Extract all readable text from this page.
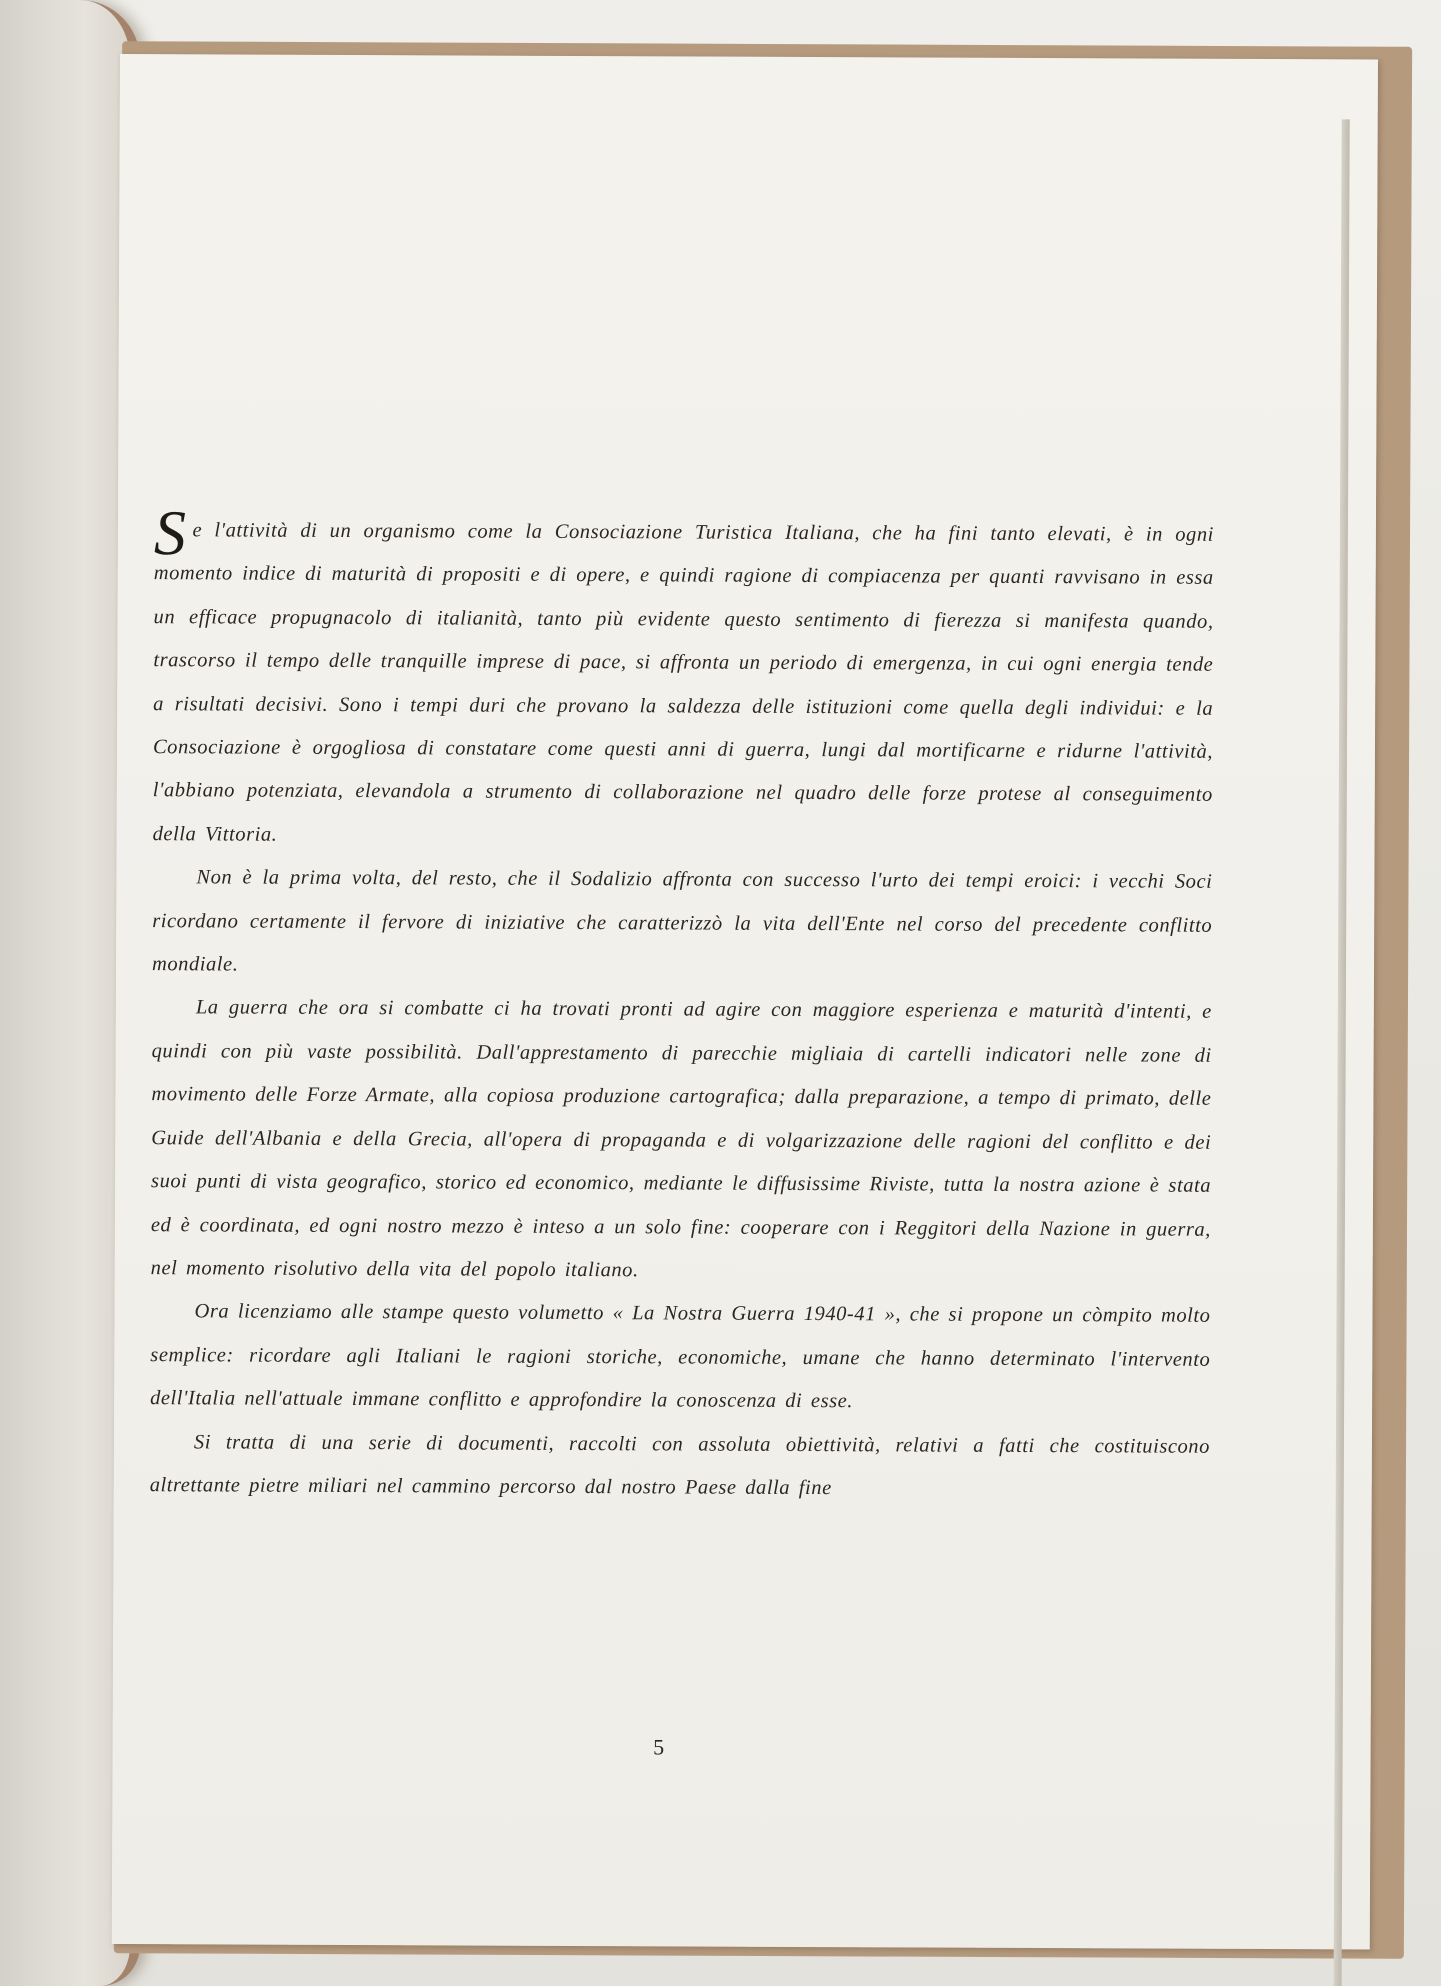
Se l'attività di un organismo come la Consociazione Turistica Italiana, che ha fini tanto elevati, è in ogni momento indice di maturità di propositi e di opere, e quindi ragione di compiacenza per quanti ravvisano in essa un efficace propugnacolo di italianità, tanto più evidente questo sentimento di fierezza si manifesta quando, trascorso il tempo delle tranquille imprese di pace, si affronta un periodo di emergenza, in cui ogni energia tende a risultati decisivi. Sono i tempi duri che provano la saldezza delle istituzioni come quella degli individui: e la Consociazione è orgogliosa di constatare come questi anni di guerra, lungi dal mortificarne e ridurne l'attività, l'abbiano potenziata, elevandola a strumento di collaborazione nel quadro delle forze protese al conseguimento della Vittoria.

Non è la prima volta, del resto, che il Sodalizio affronta con successo l'urto dei tempi eroici: i vecchi Soci ricordano certamente il fervore di iniziative che caratterizzò la vita dell'Ente nel corso del precedente conflitto mondiale.

La guerra che ora si combatte ci ha trovati pronti ad agire con maggiore esperienza e maturità d'intenti, e quindi con più vaste possibilità. Dall'apprestamento di parecchie migliaia di cartelli indicatori nelle zone di movimento delle Forze Armate, alla copiosa produzione cartografica; dalla preparazione, a tempo di primato, delle Guide dell'Albania e della Grecia, all'opera di propaganda e di volgarizzazione delle ragioni del conflitto e dei suoi punti di vista geografico, storico ed economico, mediante le diffusissime Riviste, tutta la nostra azione è stata ed è coordinata, ed ogni nostro mezzo è inteso a un solo fine: cooperare con i Reggitori della Nazione in guerra, nel momento risolutivo della vita del popolo italiano.

Ora licenziamo alle stampe questo volumetto « La Nostra Guerra 1940-41 », che si propone un còmpito molto semplice: ricordare agli Italiani le ragioni storiche, economiche, umane che hanno determinato l'intervento dell'Italia nell'attuale immane conflitto e approfondire la conoscenza di esse.

Si tratta di una serie di documenti, raccolti con assoluta obiettività, relativi a fatti che costituiscono altrettante pietre miliari nel cammino percorso dal nostro Paese dalla fine

5
